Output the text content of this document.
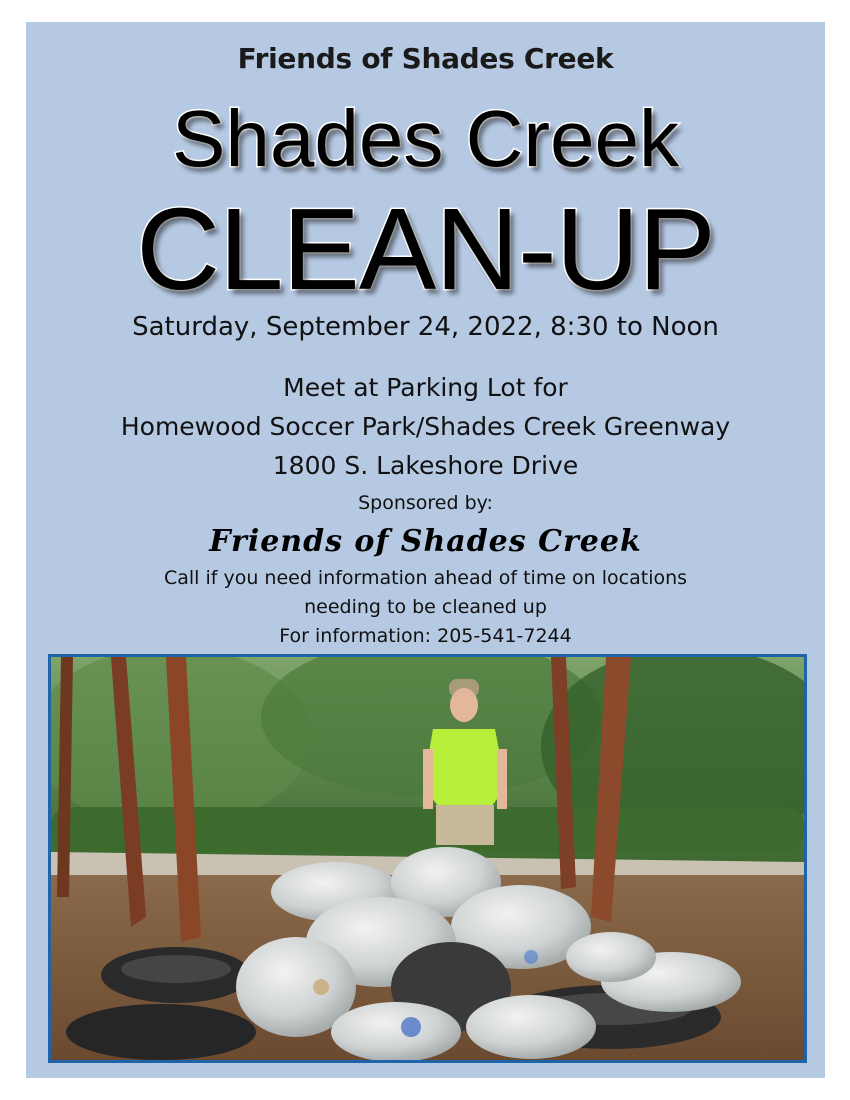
Friends of Shades Creek
Shades Creek
CLEAN-UP
Saturday, September 24, 2022, 8:30 to Noon
Meet at Parking Lot for
Homewood Soccer Park/Shades Creek Greenway
1800 S. Lakeshore Drive
Sponsored by:
Friends of Shades Creek
Call if you need information ahead of time on locations
needing to be cleaned up
For information: 205-541-7244
